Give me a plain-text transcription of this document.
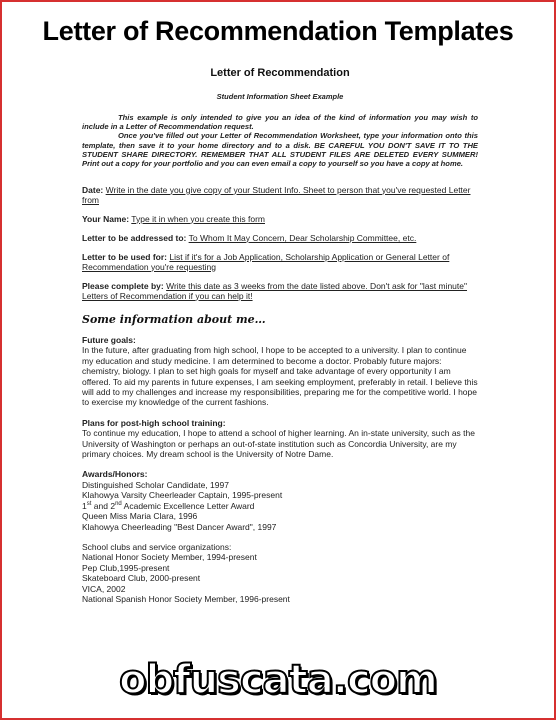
Letter of Recommendation Templates
Letter of Recommendation
Student Information Sheet Example

This example is only intended to give you an idea of the kind of information you may wish to include in a Letter of Recommendation request.

Once you've filled out your Letter of Recommendation Worksheet, type your information onto this template, then save it to your home directory and to a disk. BE CAREFUL YOU DON'T SAVE IT TO THE STUDENT SHARE DIRECTORY. REMEMBER THAT ALL STUDENT FILES ARE DELETED EVERY SUMMER! Print out a copy for your portfolio and you can even email a copy to yourself so you have a copy at home.

Date: Write in the date you give copy of your Student Info. Sheet to person that you've requested Letter from
Your Name: Type it in when you create this form
Letter to be addressed to: To Whom It May Concern, Dear Scholarship Committee, etc.
Letter to be used for: List if it's for a Job Application, Scholarship Application or General Letter of Recommendation you're requesting
Please complete by: Write this date as 3 weeks from the date listed above. Don't ask for "last minute" Letters of Recommendation if you can help it!
Some information about me…
Future goals:
In the future, after graduating from high school, I hope to be accepted to a university. I plan to continue my education and study medicine. I am determined to become a doctor. Probably future majors: chemistry, biology. I plan to set high goals for myself and take advantage of every opportunity I am offered. To aid my parents in future expenses, I am seeking employment, preferably in retail. I believe this will add to my challenges and increase my responsibilities, preparing me for the competitive world. I hope to exercise my knowledge of the current fashions.
Plans for post-high school training:
To continue my education, I hope to attend a school of higher learning. An in-state university, such as the University of Washington or perhaps an out-of-state institution such as Concordia University, are my primary choices. My dream school is the University of Notre Dame.
Awards/Honors:
Distinguished Scholar Candidate, 1997
Klahowya Varsity Cheerleader Captain, 1995-present
1st and 2nd Academic Excellence Letter Award
Queen Miss Maria Clara, 1996
Klahowya Cheerleading "Best Dancer Award", 1997
School clubs and service organizations:
National Honor Society Member, 1994-present
Pep Club,1995-present
Skateboard Club, 2000-present
VICA, 2002
National Spanish Honor Society Member, 1996-present
obfuscata.com
